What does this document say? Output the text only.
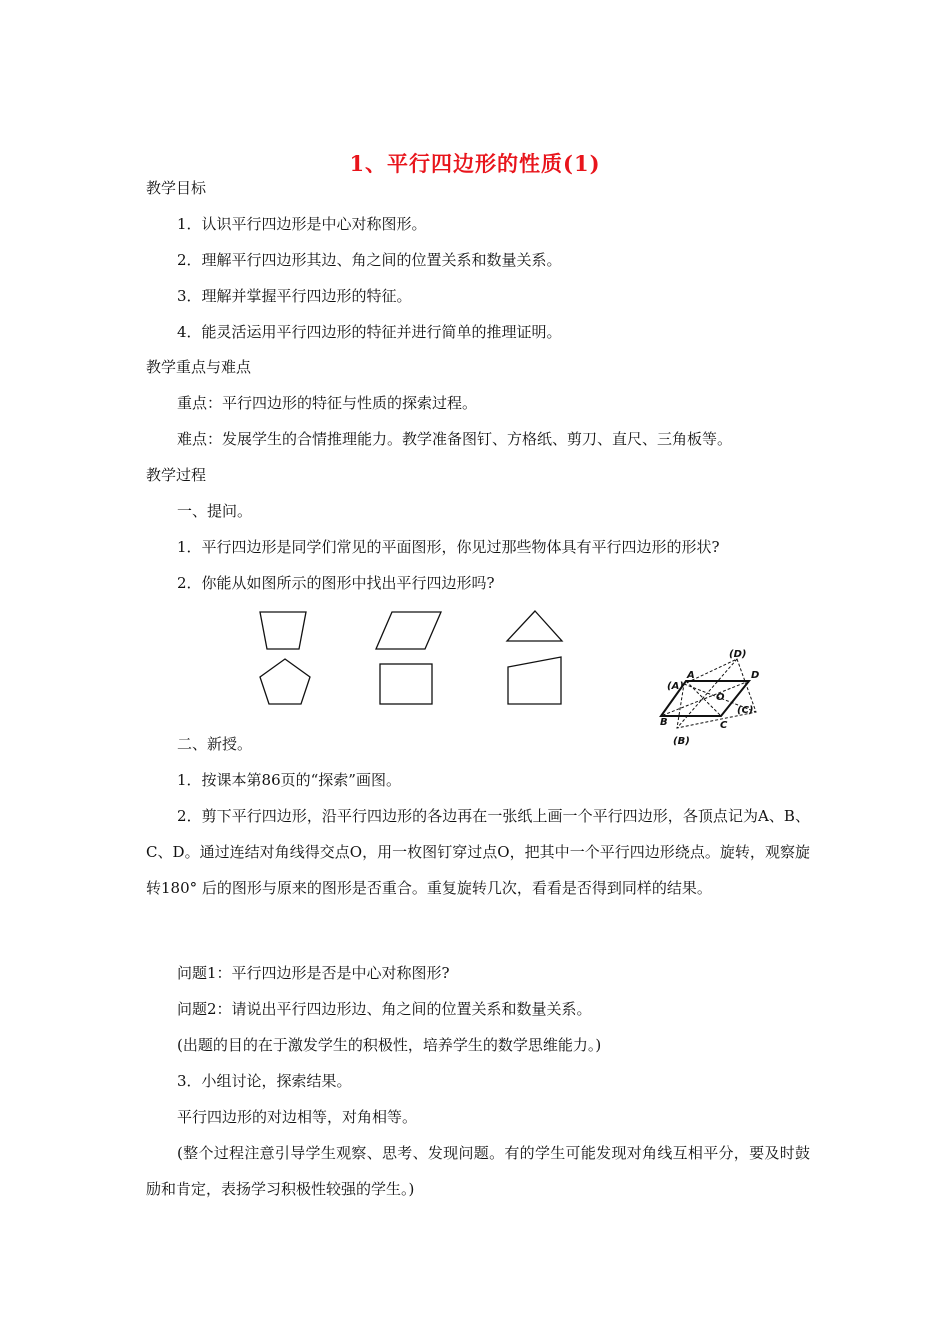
1、平行四边形的性质(1)
教学目标
1．认识平行四边形是中心对称图形。
2．理解平行四边形其边、角之间的位置关系和数量关系。
3．理解并掌握平行四边形的特征。
4．能灵活运用平行四边形的特征并进行简单的推理证明。
教学重点与难点
重点：平行四边形的特征与性质的探索过程。
难点：发展学生的合情推理能力。教学准备图钉、方格纸、剪刀、直尺、三角板等。
教学过程
一、提问。
1．平行四边形是同学们常见的平面图形，你见过那些物体具有平行四边形的形状?
2．你能从如图所示的图形中找出平行四边形吗?
A	D
B	C
O
(D)
(A)
(C)
(B)
二、新授。
1．按课本第86页的“探索”画图。
2．剪下平行四边形，沿平行四边形的各边再在一张纸上画一个平行四边形，各顶点记为A、B、C、D。通过连结对角线得交点O，用一枚图钉穿过点O，把其中一个平行四边形绕点。旋转，观察旋转180° 后的图形与原来的图形是否重合。重复旋转几次，看看是否得到同样的结果。
问题1：平行四边形是否是中心对称图形?
问题2：请说出平行四边形边、角之间的位置关系和数量关系。
(出题的目的在于激发学生的积极性，培养学生的数学思维能力。)
3．小组讨论，探索结果。
平行四边形的对边相等，对角相等。
(整个过程注意引导学生观察、思考、发现问题。有的学生可能发现对角线互相平分，要及时鼓励和肯定，表扬学习积极性较强的学生。)
